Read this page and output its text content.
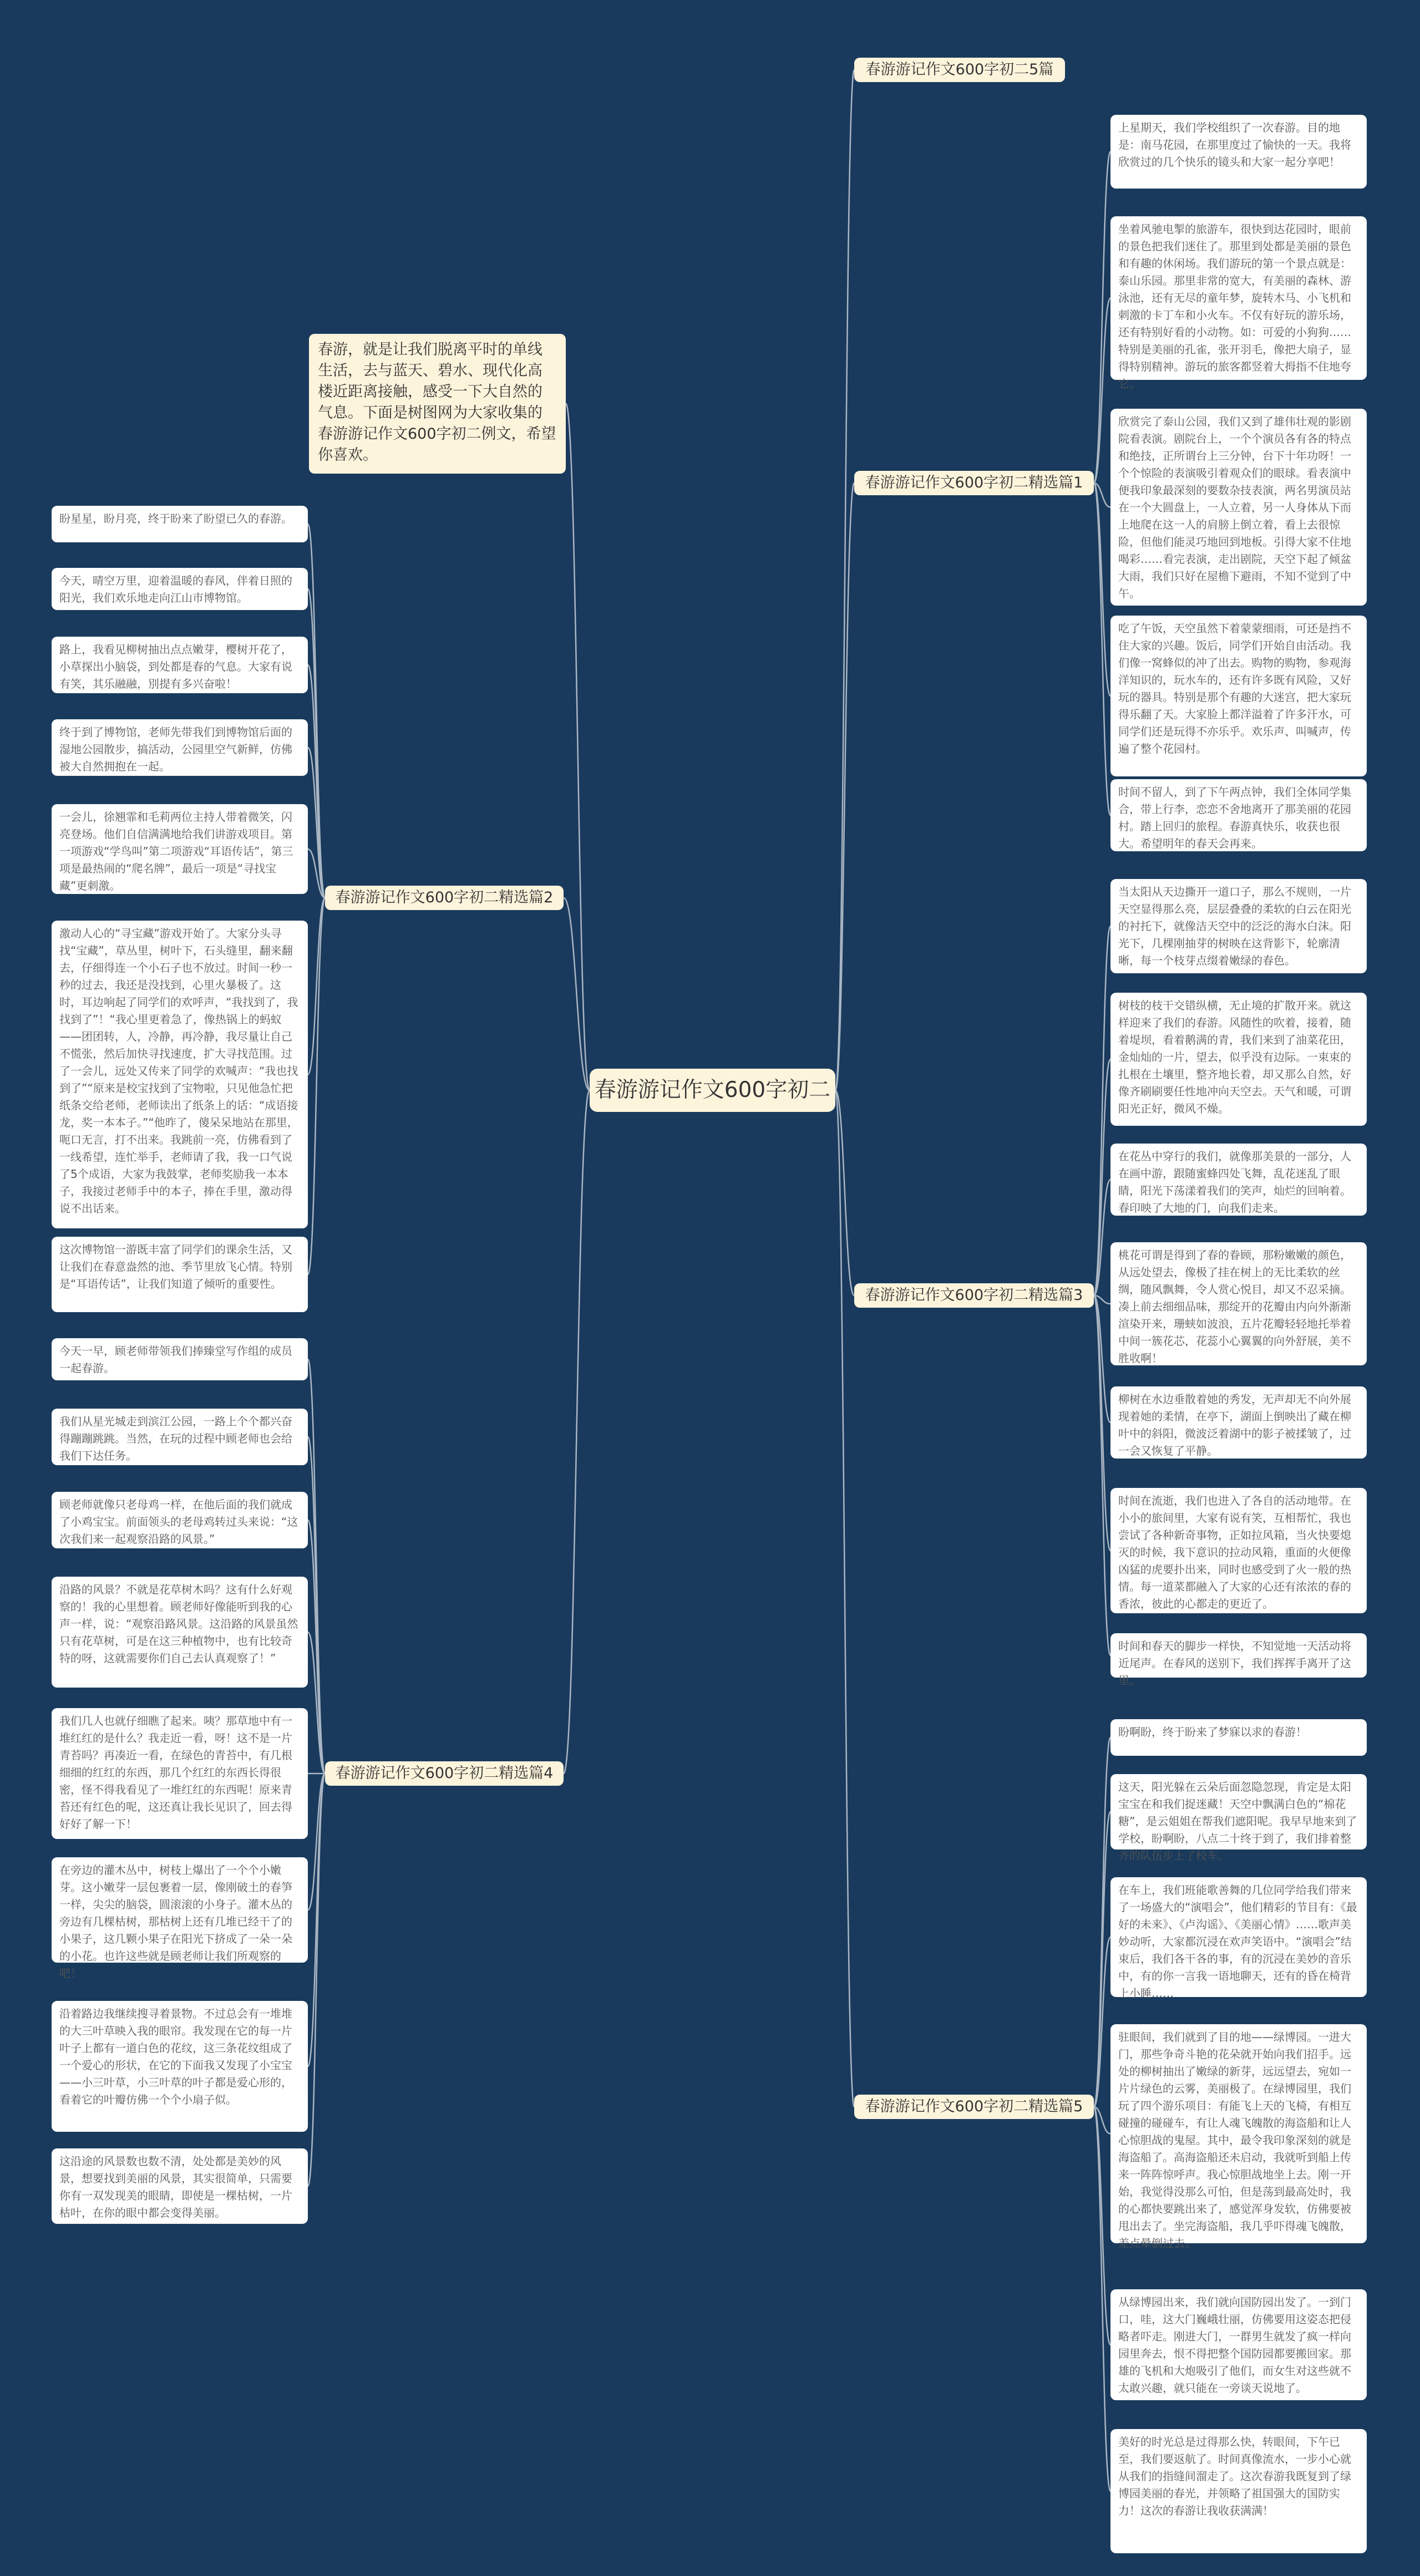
春游游记作文600字初二
春游，就是让我们脱离平时的单线生活，去与蓝天、碧水、现代化高楼近距离接触，感受一下大自然的气息。下面是树图网为大家收集的春游游记作文600字初二例文，希望你喜欢。
春游游记作文600字初二5篇
春游游记作文600字初二精选篇1
上星期天，我们学校组织了一次春游。目的地是：南马花园，在那里度过了愉快的一天。我将欣赏过的几个快乐的镜头和大家一起分享吧！
坐着风驰电掣的旅游车，很快到达花园时，眼前的景色把我们迷住了。那里到处都是美丽的景色和有趣的休闲场。我们游玩的第一个景点就是：泰山乐园。那里非常的宽大，有美丽的森林、游泳池，还有无尽的童年梦，旋转木马、小飞机和刺激的卡丁车和小火车。不仅有好玩的游乐场，还有特别好看的小动物。如：可爱的小狗狗……特别是美丽的孔雀，张开羽毛，像把大扇子，显得特别精神。游玩的旅客都竖着大拇指不住地夸它。
欣赏完了泰山公园，我们又到了雄伟壮观的影剧院看表演。剧院台上，一个个演员各有各的特点和绝技，正所谓台上三分钟，台下十年功呀！一个个惊险的表演吸引着观众们的眼球。看表演中便我印象最深刻的要数杂技表演，两名男演员站在一个大圆盘上，一人立着，另一人身体从下而上地爬在这一人的肩膀上倒立着，看上去很惊险，但他们能灵巧地回到地板。引得大家不住地喝彩……看完表演，走出剧院，天空下起了倾盆大雨，我们只好在屋檐下避雨，不知不觉到了中午。
吃了午饭，天空虽然下着蒙蒙细雨，可还是挡不住大家的兴趣。饭后，同学们开始自由活动。我们像一窝蜂似的冲了出去。购物的购物，参观海洋知识的，玩水车的，还有许多既有风险，又好玩的器具。特别是那个有趣的大迷宫，把大家玩得乐翻了天。大家脸上都洋溢着了许多汗水，可同学们还是玩得不亦乐乎。欢乐声、叫喊声，传遍了整个花园村。
时间不留人，到了下午两点钟，我们全体同学集合，带上行李，恋恋不舍地离开了那美丽的花园村。踏上回归的旅程。春游真快乐，收获也很大。希望明年的春天会再来。
春游游记作文600字初二精选篇2
盼星星，盼月亮，终于盼来了盼望已久的春游。
今天，晴空万里，迎着温暖的春风，伴着日照的阳光，我们欢乐地走向江山市博物馆。
路上，我看见柳树抽出点点嫩芽，樱树开花了，小草探出小脑袋，到处都是春的气息。大家有说有笑，其乐融融，別提有多兴奋啦！
终于到了博物馆，老师先带我们到博物馆后面的湿地公园散步，搞活动，公园里空气新鲜，仿佛被大自然拥抱在一起。
一会儿，徐翘霏和毛莉两位主持人带着微笑，闪亮登场。他们自信满满地给我们讲游戏项目。第一项游戏“学鸟叫”第二项游戏“耳语传话”，第三项是最热闹的“爬名牌”，最后一项是“寻找宝藏”更刺激。
激动人心的“寻宝藏”游戏开始了。大家分头寻找“宝藏”，草丛里，树叶下，石头缝里，翻来翻去，仔细得连一个小石子也不放过。时间一秒一秒的过去，我还是没找到，心里火暴极了。这时，耳边响起了同学们的欢呼声，“我找到了，我找到了”！“我心里更着急了，像热锅上的蚂蚁——团团转，人，冷静，再冷静，我尽量让自己不慌张，然后加快寻找速度，扩大寻找范围。过了一会儿，远处又传来了同学的欢喊声：“我也找到了”“原来是校宝找到了宝物啦，只见他急忙把纸条交给老师，老师读出了纸条上的话：“成语接龙，奖一本本子。”“他昨了，傻呆呆地站在那里，呃口无言，打不出来。我跳前一亮，仿佛看到了一线希望，连忙举手，老师请了我，我一口气说了5个成语，大家为我鼓掌，老师奖励我一本本子，我接过老师手中的本子，捧在手里，激动得说不出话来。
这次博物馆一游既丰富了同学们的课余生活，又让我们在春意盎然的池、季节里放飞心情。特别是“耳语传话”，让我们知道了倾听的重要性。
春游游记作文600字初二精选篇3
当太阳从天边撕开一道口子，那么不规则，一片天空显得那么亮，层层叠叠的柔软的白云在阳光的衬托下，就像洁天空中的泛泛的海水白沫。阳光下，几棵刚抽芽的树映在这背影下，轮廓清晰，每一个枝芽点缀着嫩绿的春色。
树枝的枝干交错纵横，无止境的扩散开来。就这样迎来了我们的春游。风随性的吹着，接着，随着堤坝，看着鹅满的青，我们来到了油菜花田，金灿灿的一片，望去，似乎没有边际。一束束的扎根在土壤里，整齐地长着，却又那么自然，好像齐刷刷要任性地冲向天空去。天气和暖，可谓阳光正好，微风不燥。
在花丛中穿行的我们，就像那美景的一部分，人在画中游，跟随蜜蜂四处飞舞，乱花迷乱了眼睛，阳光下荡漾着我们的笑声，灿烂的回响着。春印映了大地的门，向我们走来。
桃花可谓是得到了春的眷顾，那粉嫩嫩的颜色，从远处望去，像极了挂在树上的无比柔软的丝绸，随风飘舞，令人赏心悦目，却又不忍采摘。凑上前去细细品味，那绽开的花瓣由内向外渐渐渲染开来，珊蛱如波浪，五片花瓣轻轻地托举着中间一簇花芯，花蕊小心翼翼的向外舒展，美不胜收啊！
柳树在水边垂散着她的秀发，无声却无不向外展现着她的柔情，在亭下，湖面上倒映出了藏在柳叶中的斜阳，微波泛着湖中的影子被揉皱了，过一会又恢复了平静。
时间在流逝，我们也进入了各自的活动地带。在小小的旅间里，大家有说有笑，互相帮忙，我也尝试了各种新奇事物，正如拉风箱，当火快要熄灭的时候，我下意识的拉动风箱，重面的火便像凶猛的虎要扑出来，同时也感受到了火一般的热情。每一道菜都融入了大家的心还有浓浓的春的香浓，彼此的心都走的更近了。
时间和春天的脚步一样快，不知觉地一天活动将近尾声。在春风的送别下，我们挥挥手离开了这里。
春游游记作文600字初二精选篇4
今天一早，顾老师带领我们捧臻堂写作组的成员一起春游。
我们从星光城走到滨江公园，一路上个个都兴奋得蹦蹦跳跳。当然，在玩的过程中顾老师也会给我们下达任务。
顾老师就像只老母鸡一样，在他后面的我们就成了小鸡宝宝。前面领头的老母鸡转过头来说：“这次我们来一起观察沿路的风景。”
沿路的风景？不就是花草树木吗？这有什么好观察的！我的心里想着。顾老师好像能听到我的心声一样，说：“观察沿路风景。这沿路的风景虽然只有花草树，可是在这三种植物中，也有比较奇特的呀，这就需要你们自己去认真观察了！”
我们几人也就仔细瞧了起来。咦？那草地中有一堆红红的是什么？我走近一看，呀！这不是一片青苔吗？再凑近一看，在绿色的青苔中，有几根细细的红红的东西，那几个红红的东西长得很密，怪不得我看见了一堆红红的东西呢！原来青苔还有红色的呢，这还真让我长见识了，回去得好好了解一下！
在旁边的灌木丛中，树枝上爆出了一个个小嫩芽。这小嫩芽一层包裹着一层，像刚破土的春笋一样，尖尖的脑袋，圆滚滚的小身子。灌木丛的旁边有几棵枯树，那枯树上还有几堆已经干了的小果子，这几颗小果子在阳光下挤成了一朵一朵的小花。也许这些就是顾老师让我们所观察的吧！
沿着路边我继续搜寻着景物。不过总会有一堆堆的大三叶草映入我的眼帘。我发现在它的每一片叶子上都有一道白色的花纹，这三条花纹组成了一个爱心的形状，在它的下面我又发现了小宝宝——小三叶草，小三叶草的叶子都是爱心形的，看着它的叶瓣仿佛一个个小扇子似。
这沿途的风景数也数不清，处处都是美妙的风景，想要找到美丽的风景，其实很简单，只需要你有一双发现美的眼睛，即使是一棵枯树，一片枯叶，在你的眼中都会变得美丽。
春游游记作文600字初二精选篇5
盼啊盼，终于盼来了梦寐以求的春游！
这天，阳光躲在云朵后面忽隐忽现，肯定是太阳宝宝在和我们捉迷藏！天空中飘满白色的“棉花糖”，是云姐姐在帮我们遮阳呢。我早早地来到了学校，盼啊盼，八点二十终于到了，我们排着整齐的队伍步上了校车。
在车上，我们班能歌善舞的几位同学给我们带来了一场盛大的“演唱会”，他们精彩的节目有：《最好的未来》、《卢沟谣》、《美丽心情》……歌声美妙动听，大家都沉浸在欢声笑语中。“演唱会”结束后，我们各干各的事，有的沉浸在美妙的音乐中，有的你一言我一语地聊天，还有的昏在椅背上小睡……
驻眼间，我们就到了目的地——绿博园。一进大门，那些争奇斗艳的花朵就开始向我们招手。远处的柳树抽出了嫩绿的新芽，远远望去，宛如一片片绿色的云雾，美丽极了。在绿博园里，我们玩了四个游乐项目：有能飞上天的飞椅，有相互碰撞的碰碰车，有让人魂飞魄散的海盗船和让人心惊胆战的鬼屋。其中，最令我印象深刻的就是海盗船了。高海盗船还未启动，我就听到船上传来一阵阵惊呼声。我心惊胆战地坐上去。刚一开始，我觉得没那么可怕，但是荡到最高处时，我的心都快要跳出来了，感觉浑身发软，仿佛要被甩出去了。坐完海盗船，我几乎吓得魂飞魄散，差点晕倒过去。
从绿博园出来，我们就向国防园出发了。一到门口，哇，这大门巍峨壮丽，仿佛要用这姿态把侵略者吓走。刚进大门，一群男生就发了疯一样向园里奔去，恨不得把整个国防园都要搬回家。那雄的飞机和大炮吸引了他们，而女生对这些就不太敢兴趣，就只能在一旁谈天说地了。
美好的时光总是过得那么快，转眼间，下午已至，我们要返航了。时间真像流水，一步小心就从我们的指缝间溜走了。这次春游我既复到了绿博园美丽的春光，并领略了祖国强大的国防实力！这次的春游让我收获满满！
